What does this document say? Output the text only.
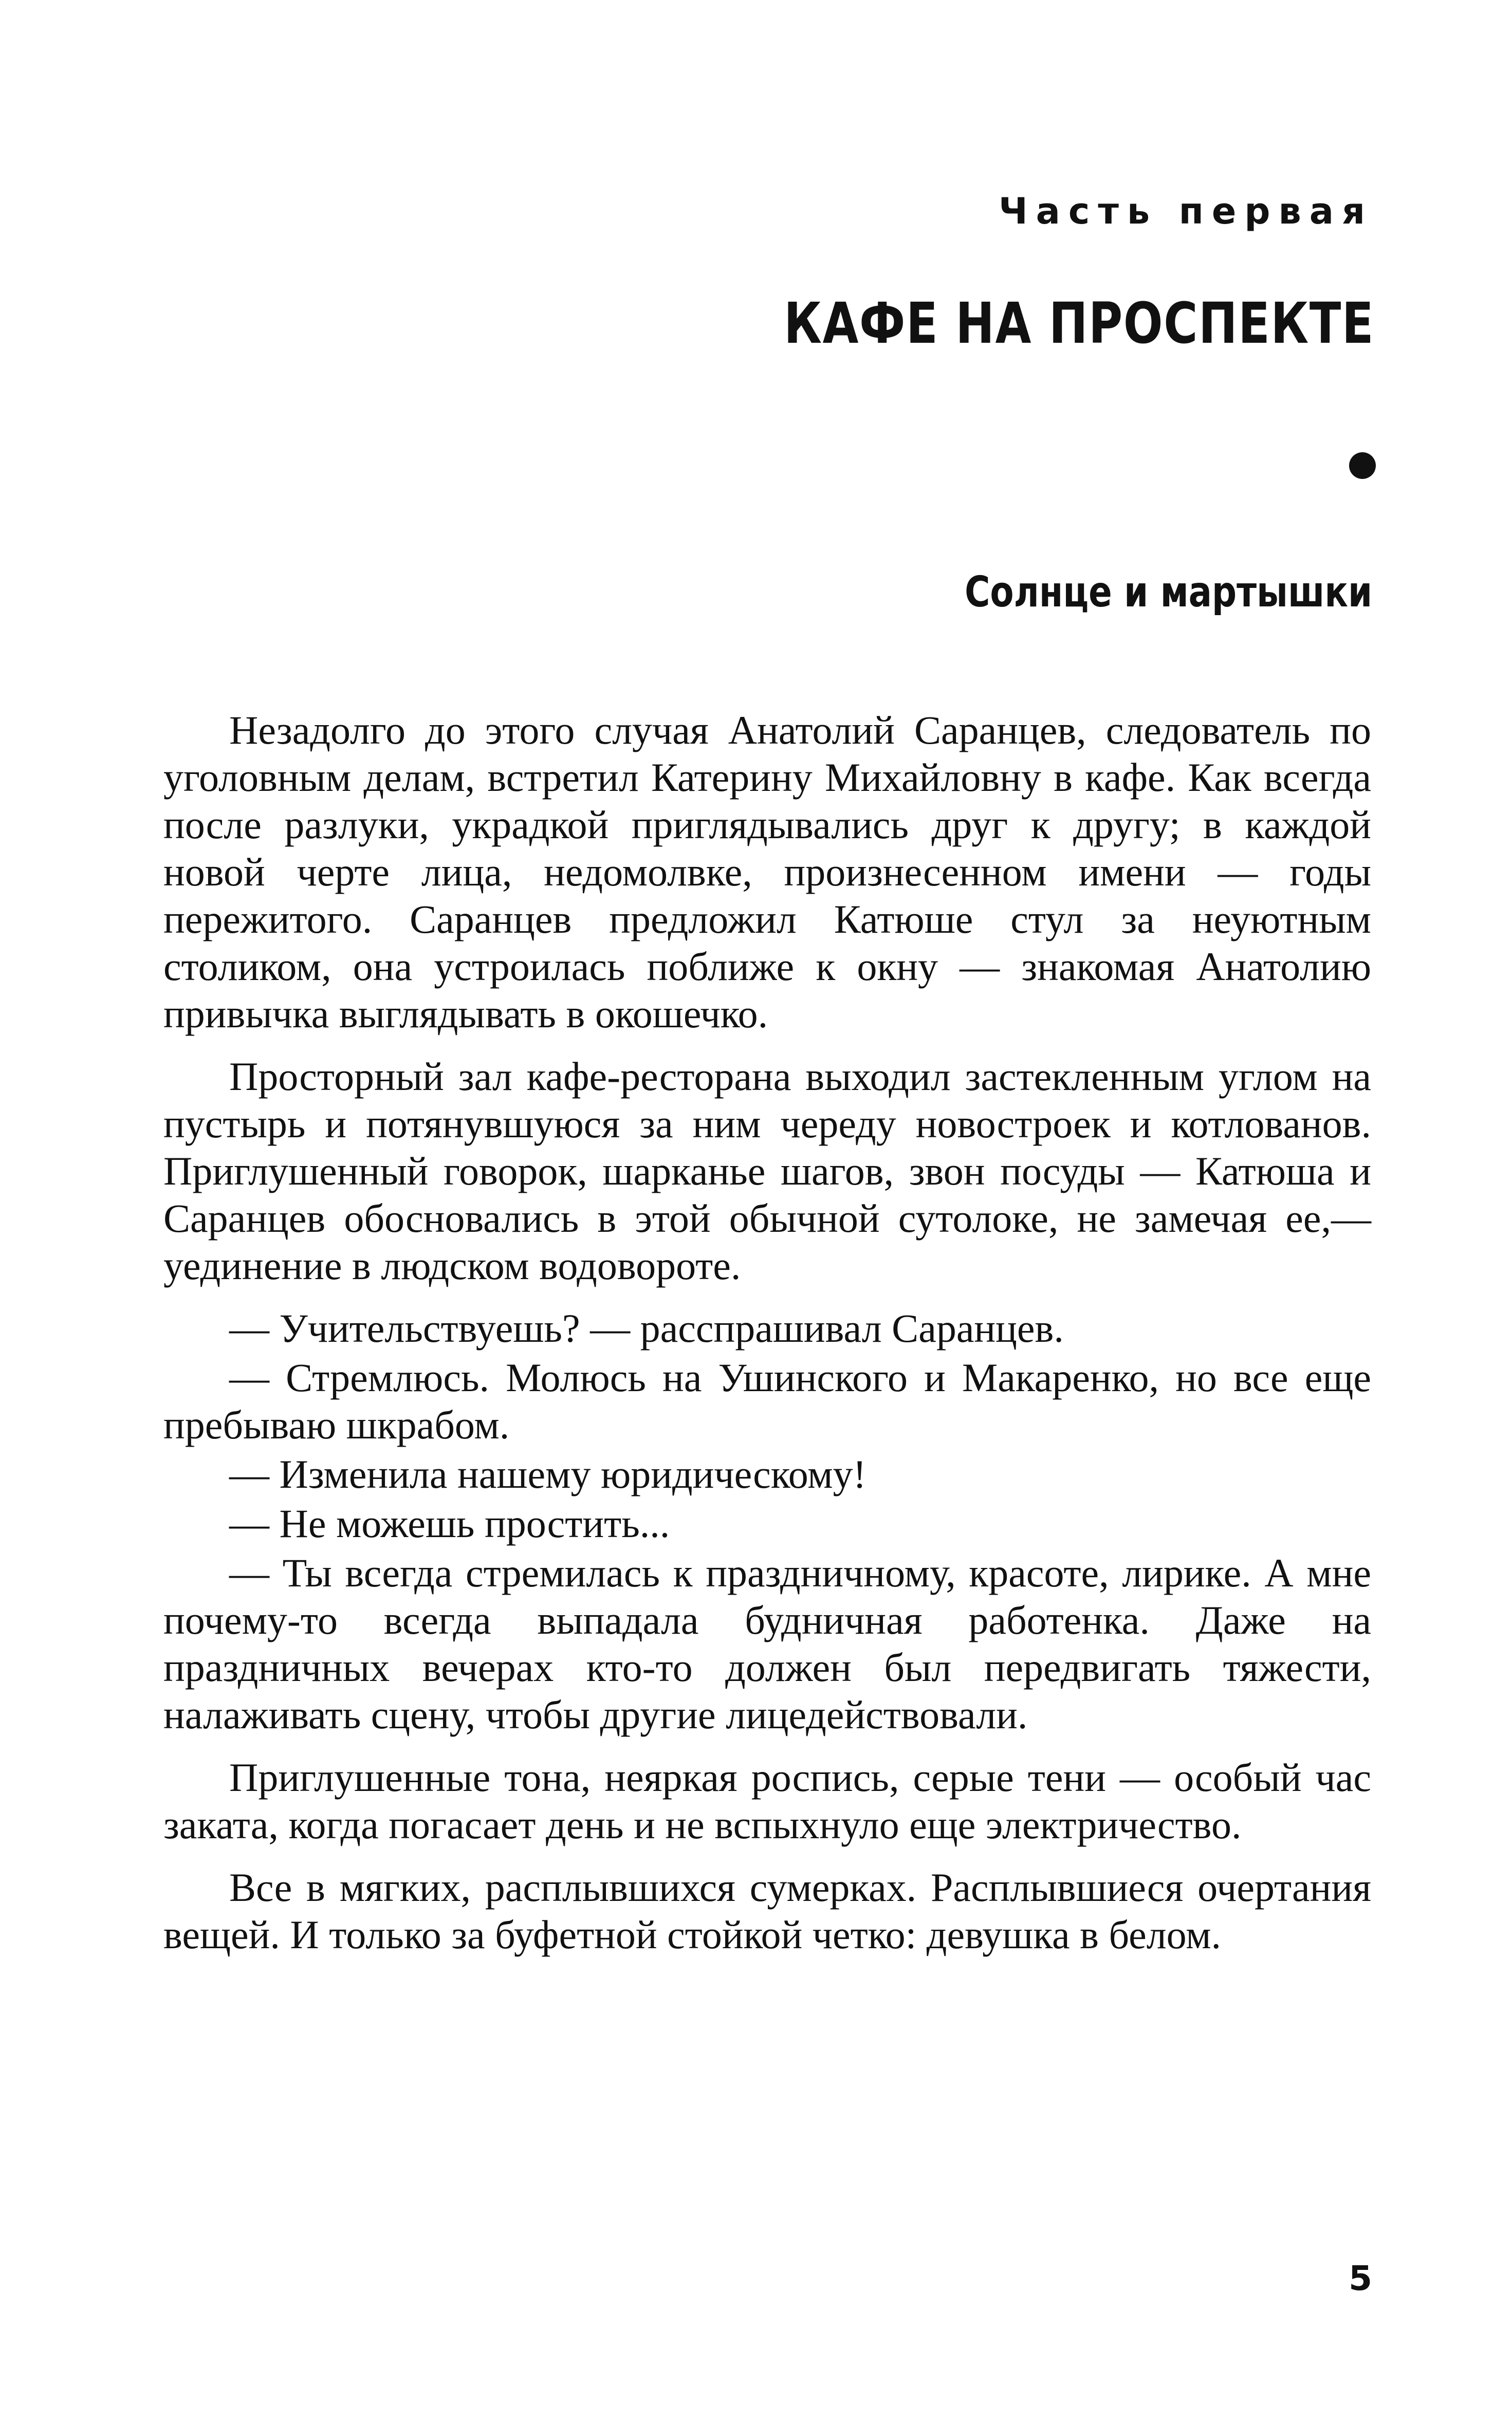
Часть первая
КАФЕ НА ПРОСПЕКТЕ
Солнце и мартышки

Незадолго до этого случая Анатолий Саранцев, следователь по уголовным делам, встретил Катерину Михайловну в кафе. Как всегда после разлуки, украдкой приглядывались друг к другу; в каждой новой черте лица, недомолвке, произнесенном имени — годы пережитого. Саранцев предложил Катюше стул за неуютным столиком, она устроилась поближе к окну — знакомая Анатолию привычка выглядывать в окошечко.

Просторный зал кафе-ресторана выходил застекленным углом на пустырь и потянувшуюся за ним череду новостроек и котлованов. Приглушенный говорок, шарканье шагов, звон посуды — Катюша и Саранцев обосновались в этой обычной сутолоке, не замечая ее,— уединение в людском водовороте.

— Учительствуешь? — расспрашивал Саранцев.

— Стремлюсь. Молюсь на Ушинского и Макаренко, но все еще пребываю шкрабом.

— Изменила нашему юридическому!

— Не можешь простить...

— Ты всегда стремилась к праздничному, красоте, лирике. А мне почему-то всегда выпадала будничная работенка. Даже на праздничных вечерах кто-то должен был передвигать тяжести, налаживать сцену, чтобы другие лицедействовали.

Приглушенные тона, неяркая роспись, серые тени — особый час заката, когда погасает день и не вспыхнуло еще электричество.

Все в мягких, расплывшихся сумерках. Расплывшиеся очертания вещей. И только за буфетной стойкой четко: девушка в белом.

5
